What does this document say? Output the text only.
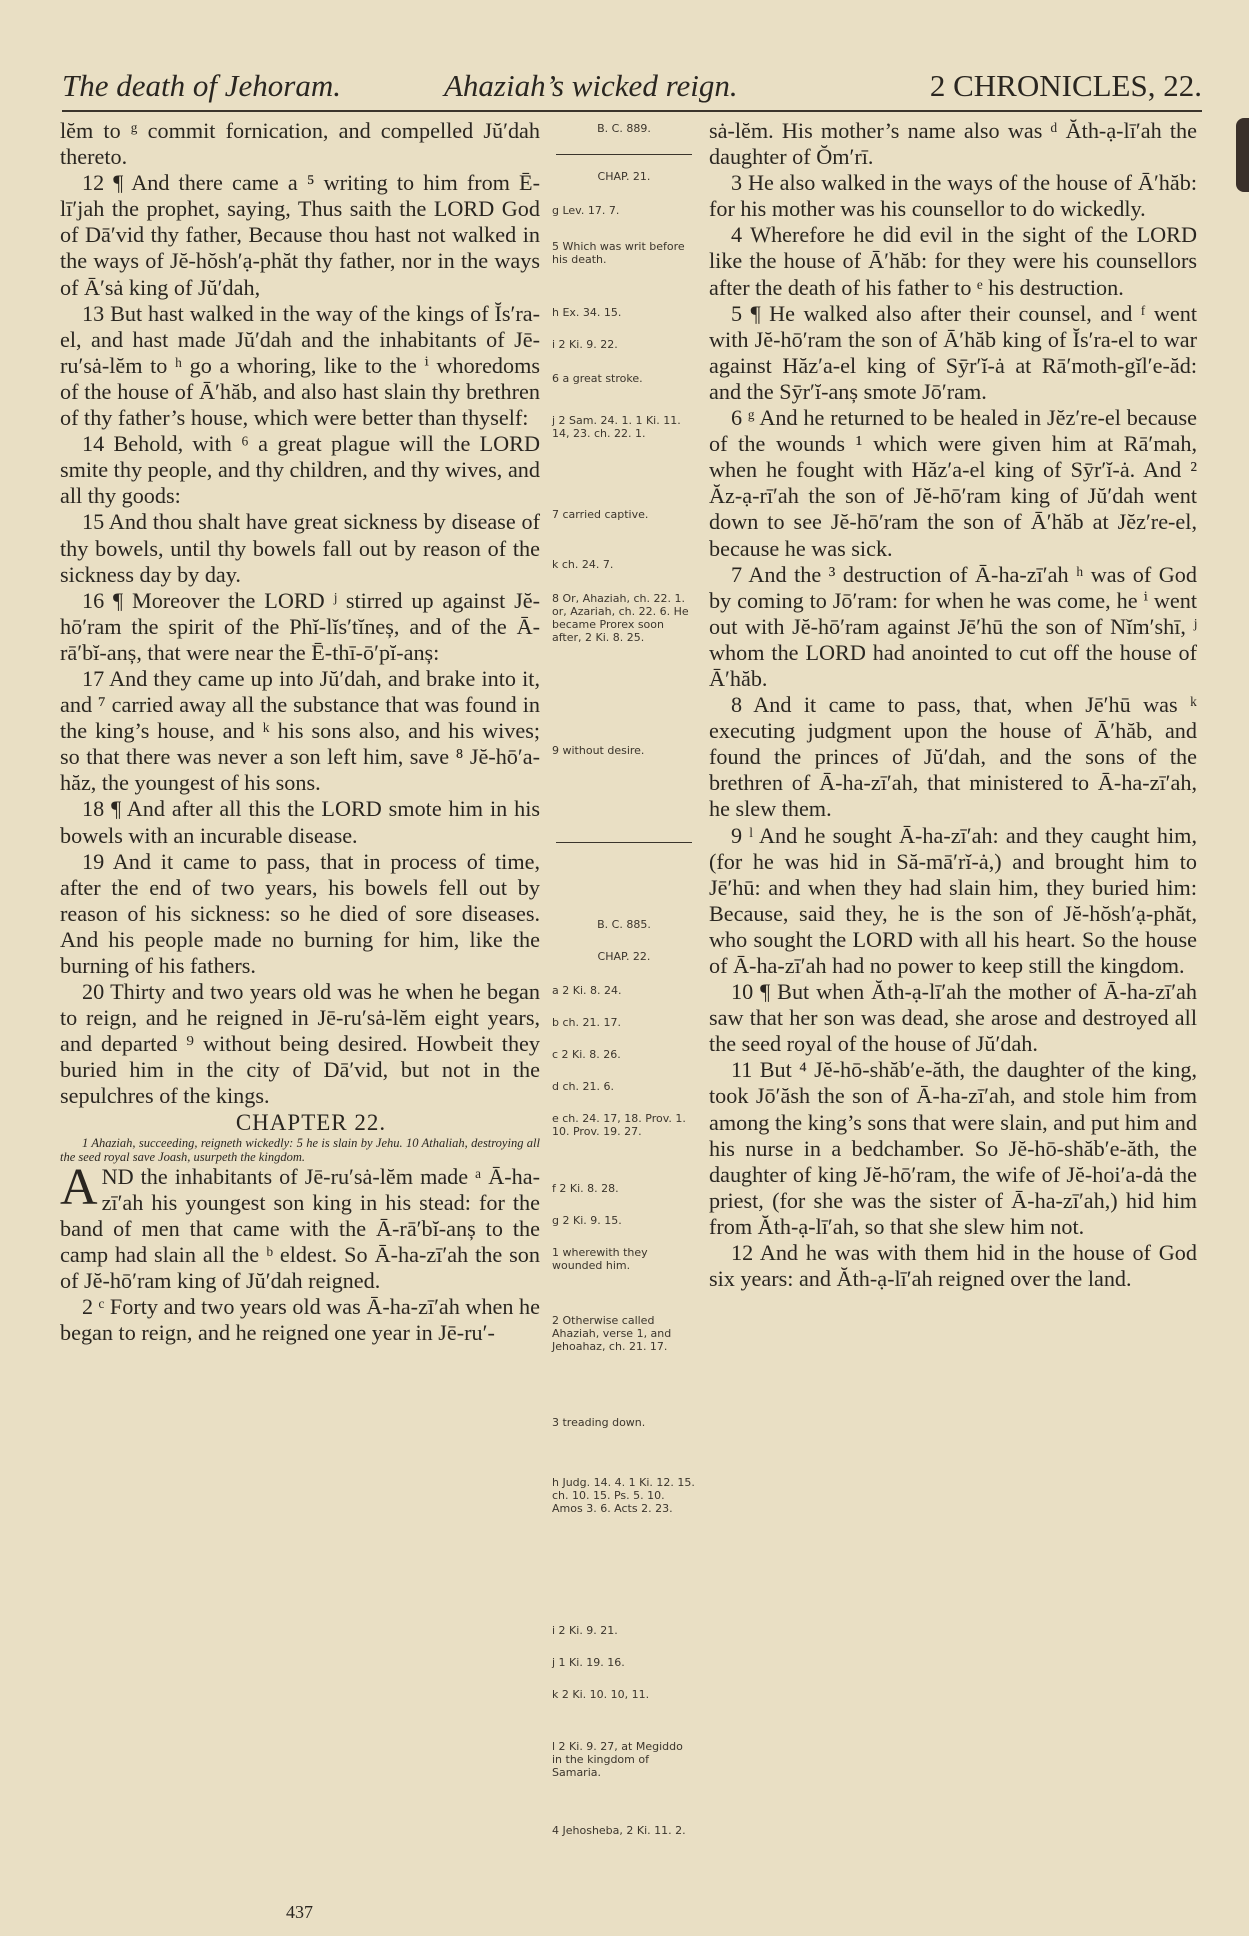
The death of Jehoram.	Ahaziah’s wicked reign.	2 CHRONICLES, 22.

lĕm to ᵍ commit fornication, and compelled Jŭ′dah thereto.

12 ¶ And there came a ⁵ writing to him from Ē-lī′jah the prophet, saying, Thus saith the LORD God of Dā′vid thy father, Because thou hast not walked in the ways of Jĕ-hŏsh′ạ-phăt thy father, nor in the ways of Ā′sȧ king of Jŭ′dah,

13 But hast walked in the way of the kings of Ĭs′ra-el, and hast made Jŭ′dah and the inhabitants of Jē-ru′sȧ-lĕm to ʰ go a whoring, like to the ⁱ whoredoms of the house of Ā′hăb, and also hast slain thy brethren of thy father’s house, which were better than thyself:

14 Behold, with ⁶ a great plague will the LORD smite thy people, and thy children, and thy wives, and all thy goods:

15 And thou shalt have great sickness by disease of thy bowels, until thy bowels fall out by reason of the sickness day by day.

16 ¶ Moreover the LORD ʲ stirred up against Jĕ-hō′ram the spirit of the Phĭ-lĭs′tĭneș, and of the Ā-rā′bĭ-anș, that were near the Ē-thī-ō′pĭ-anș:

17 And they came up into Jŭ′dah, and brake into it, and ⁷ carried away all the substance that was found in the king’s house, and ᵏ his sons also, and his wives; so that there was never a son left him, save ⁸ Jĕ-hō′a-hăz, the youngest of his sons.

18 ¶ And after all this the LORD smote him in his bowels with an incurable disease.

19 And it came to pass, that in process of time, after the end of two years, his bowels fell out by reason of his sickness: so he died of sore diseases. And his people made no burning for him, like the burning of his fathers.

20 Thirty and two years old was he when he began to reign, and he reigned in Jē-ru′sȧ-lĕm eight years, and departed ⁹ without being desired. Howbeit they buried him in the city of Dā′vid, but not in the sepulchres of the kings.

CHAPTER 22.

1 Ahaziah, succeeding, reigneth wickedly: 5 he is slain by Jehu. 10 Athaliah, destroying all the seed royal save Joash, usurpeth the kingdom.

AND the inhabitants of Jē-ru′sȧ-lĕm made ᵃ Ā-ha-zī′ah his youngest son king in his stead: for the band of men that came with the Ā-rā′bĭ-anș to the camp had slain all the ᵇ eldest. So Ā-ha-zī′ah the son of Jĕ-hō′ram king of Jŭ′dah reigned.

2 ᶜ Forty and two years old was Ā-ha-zī′ah when he began to reign, and he reigned one year in Jē-ru′-

B. C. 889.
CHAP. 21.
g Lev. 17. 7.
5 Which was writ before his death.
h Ex. 34. 15.
i 2 Ki. 9. 22.
6 a great stroke.
j 2 Sam. 24. 1. 1 Ki. 11. 14, 23. ch. 22. 1.
7 carried captive.
k ch. 24. 7.
8 Or, Ahaziah, ch. 22. 1. or, Azariah, ch. 22. 6. He became Prorex soon after, 2 Ki. 8. 25.
9 without desire.
B. C. 885.
CHAP. 22.
a 2 Ki. 8. 24.
b ch. 21. 17.
c 2 Ki. 8. 26.
d ch. 21. 6.
e ch. 24. 17, 18. Prov. 1. 10. Prov. 19. 27.
f 2 Ki. 8. 28.
g 2 Ki. 9. 15.
1 wherewith they wounded him.
2 Otherwise called Ahaziah, verse 1, and Jehoahaz, ch. 21. 17.
3 treading down.
h Judg. 14. 4. 1 Ki. 12. 15. ch. 10. 15. Ps. 5. 10. Amos 3. 6. Acts 2. 23.
i 2 Ki. 9. 21.
j 1 Ki. 19. 16.
k 2 Ki. 10. 10, 11.
l 2 Ki. 9. 27, at Megiddo in the kingdom of Samaria.
4 Jehosheba, 2 Ki. 11. 2.

sȧ-lĕm. His mother’s name also was ᵈ Ăth-ạ-lī′ah the daughter of Ŏm′rī.

3 He also walked in the ways of the house of Ā′hăb: for his mother was his counsellor to do wickedly.

4 Wherefore he did evil in the sight of the LORD like the house of Ā′hăb: for they were his counsellors after the death of his father to ᵉ his destruction.

5 ¶ He walked also after their counsel, and ᶠ went with Jĕ-hō′ram the son of Ā′hăb king of Ĭs′ra-el to war against Hăz′a-el king of Sȳr′ĭ-ȧ at Rā′moth-gĭl′e-ăd: and the Sȳr′ĭ-anș smote Jō′ram.

6 ᵍ And he returned to be healed in Jĕz′re-el because of the wounds ¹ which were given him at Rā′mah, when he fought with Hăz′a-el king of Sȳr′ĭ-ȧ. And ² Ăz-ạ-rī′ah the son of Jĕ-hō′ram king of Jŭ′dah went down to see Jĕ-hō′ram the son of Ā′hăb at Jĕz′re-el, because he was sick.

7 And the ³ destruction of Ā-ha-zī′ah ʰ was of God by coming to Jō′ram: for when he was come, he ⁱ went out with Jĕ-hō′ram against Jē′hū the son of Nĭm′shī, ʲ whom the LORD had anointed to cut off the house of Ā′hăb.

8 And it came to pass, that, when Jē′hū was ᵏ executing judgment upon the house of Ā′hăb, and found the princes of Jŭ′dah, and the sons of the brethren of Ā-ha-zī′ah, that ministered to Ā-ha-zī′ah, he slew them.

9 ˡ And he sought Ā-ha-zī′ah: and they caught him, (for he was hid in Să-mā′rĭ-ȧ,) and brought him to Jē′hū: and when they had slain him, they buried him: Because, said they, he is the son of Jĕ-hŏsh′ạ-phăt, who sought the LORD with all his heart. So the house of Ā-ha-zī′ah had no power to keep still the kingdom.

10 ¶ But when Ăth-ạ-lī′ah the mother of Ā-ha-zī′ah saw that her son was dead, she arose and destroyed all the seed royal of the house of Jŭ′dah.

11 But ⁴ Jĕ-hō-shăb′e-ăth, the daughter of the king, took Jō′ăsh the son of Ā-ha-zī′ah, and stole him from among the king’s sons that were slain, and put him and his nurse in a bedchamber. So Jĕ-hō-shăb′e-ăth, the daughter of king Jĕ-hō′ram, the wife of Jĕ-hoi′a-dȧ the priest, (for she was the sister of Ā-ha-zī′ah,) hid him from Ăth-ạ-lī′ah, so that she slew him not.

12 And he was with them hid in the house of God six years: and Ăth-ạ-lī′ah reigned over the land.

437
